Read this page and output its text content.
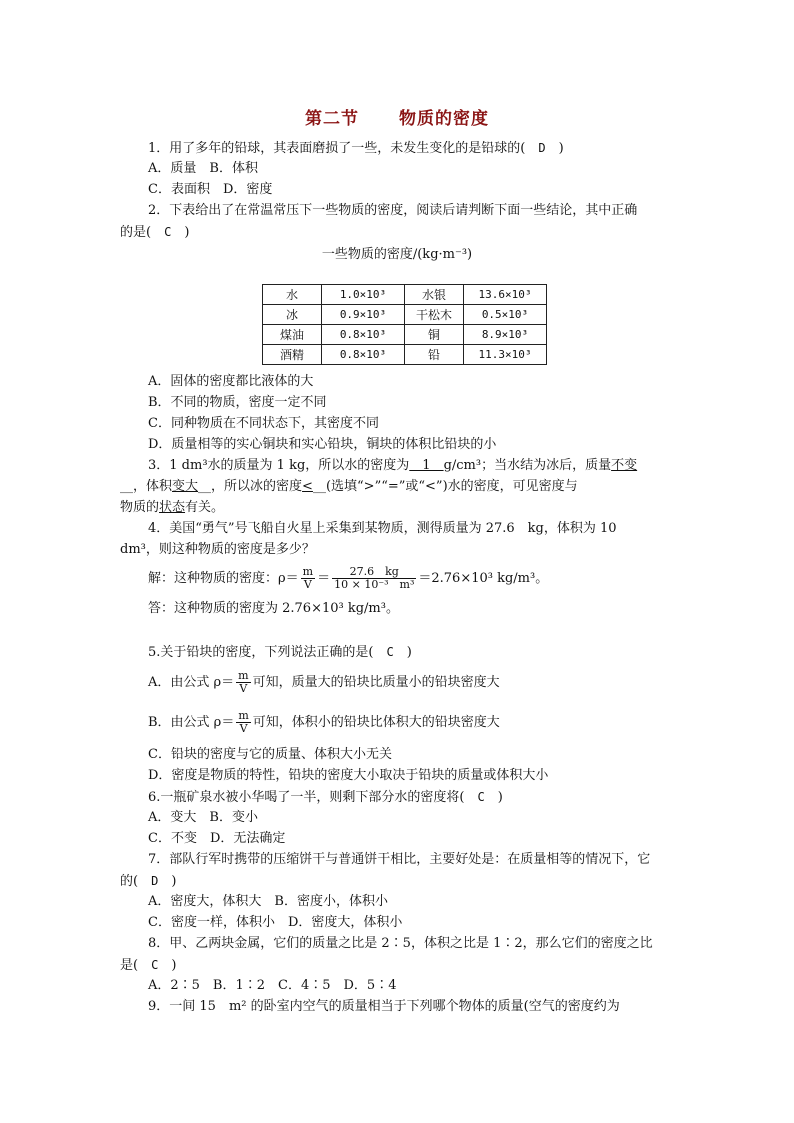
第二节 物质的密度
1．用了多年的铅球，其表面磨损了一些，未发生变化的是铅球的(　D　)
A．质量　B．体积
C．表面积　D．密度
2．下表给出了在常温常压下一些物质的密度，阅读后请判断下面一些结论，其中正确
的是(　C　)
一些物质的密度/(kg·m⁻³)
水	1.0×10³	水银	13.6×10³
冰	0.9×10³	干松木	0.5×10³
煤油	0.8×10³	铜	8.9×10³
酒精	0.8×10³	铅	11.3×10³
A．固体的密度都比液体的大
B．不同的物质，密度一定不同
C．同种物质在不同状态下，其密度不同
D．质量相等的实心铜块和实心铅块，铜块的体积比铅块的小
3．1 dm³水的质量为 1 kg，所以水的密度为　1　g/cm³；当水结为冰后，质量不变
__，体积变大__，所以冰的密度<__(选填“>”“=”或“<”)水的密度，可见密度与
物质的状态有关。
4．美国“勇气”号飞船自火星上采集到某物质，测得质量为 27.6　kg，体积为 10
dm³，则这种物质的密度是多少？
解：这种物质的密度：$\rho= \frac{m}{V} = \frac{27.6 kg}{\text{10 × 10⁻³　m³}} =2.76\times 10^3$ kg/m³。
答：这种物质的密度为 2.76×10³ kg/m³。
5.关于铅块的密度，下列说法正确的是(　C　)
A．由公式 $\rho= \frac{m}{V}$ 可知，质量大的铅块比质量小的铅块密度大
B．由公式 $\rho= \frac{m}{V}$ 可知，体积小的铅块比体积大的铅块密度大
C．铅块的密度与它的质量、体积大小无关
D．密度是物质的特性，铅块的密度大小取决于铅块的质量或体积大小
6.一瓶矿泉水被小华喝了一半，则剩下部分水的密度将(　C　)
A．变大　B．变小
C．不变　D．无法确定
7．部队行军时携带的压缩饼干与普通饼干相比，主要好处是：在质量相等的情况下，它
的(　D　)
A．密度大，体积大　B．密度小，体积小
C．密度一样，体积小　D．密度大，体积小
8．甲、乙两块金属，它们的质量之比是 2∶5，体积之比是 1∶2，那么它们的密度之比
是(　C　)
A．2∶5　B．1∶2　C．4∶5　D．5∶4
9．一间 15　m² 的卧室内空气的质量相当于下列哪个物体的质量(空气的密度约为
